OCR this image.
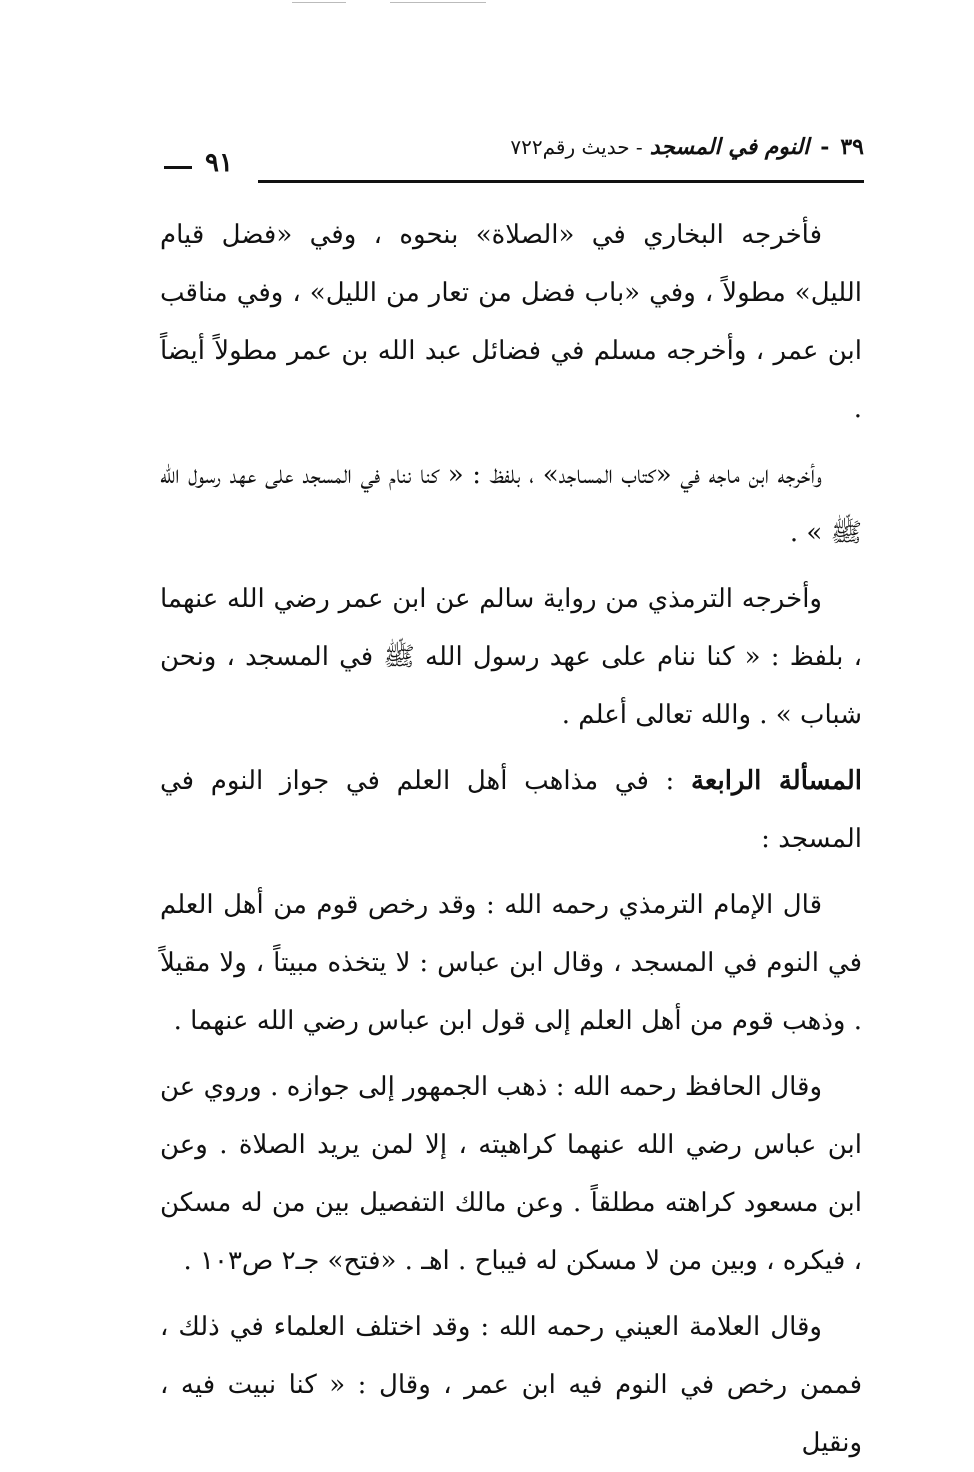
٣٩ - النوم في المسجد - حديث رقم٧٢٢
٩١

فأخرجه البخاري في «الصلاة» بنحوه ، وفي «فضل قيام الليل» مطولاً ، وفي «باب فضل من تعار من الليل» ، وفي مناقب ابن عمر ، وأخرجه مسلم في فضائل عبد الله بن عمر مطولاً أيضاً .

وأخرجه ابن ماجه في «كتاب المساجد» ، بلفظ : « كنا ننام في المسجد على عهد رسول الله ﷺ » .

وأخرجه الترمذي من رواية سالم عن ابن عمر رضي الله عنهما ، بلفظ : « كنا ننام على عهد رسول الله ﷺ في المسجد ، ونحن شباب » . والله تعالى أعلم .

المسألة الرابعة : في مذاهب أهل العلم في جواز النوم في المسجد :

قال الإمام الترمذي رحمه الله : وقد رخص قوم من أهل العلم في النوم في المسجد ، وقال ابن عباس : لا يتخذه مبيتاً ، ولا مقيلاً . وذهب قوم من أهل العلم إلى قول ابن عباس رضي الله عنهما .

وقال الحافظ رحمه الله : ذهب الجمهور إلى جوازه . وروي عن ابن عباس رضي الله عنهما كراهيته ، إلا لمن يريد الصلاة . وعن ابن مسعود كراهته مطلقاً . وعن مالك التفصيل بين من له مسكن ، فيكره ، وبين من لا مسكن له فيباح . اهـ . «فتح» جـ٢ ص١٠٣ .

وقال العلامة العيني رحمه الله : وقد اختلف العلماء في ذلك ، فممن رخص في النوم فيه ابن عمر ، وقال : « كنا نبيت فيه ، ونقيل
